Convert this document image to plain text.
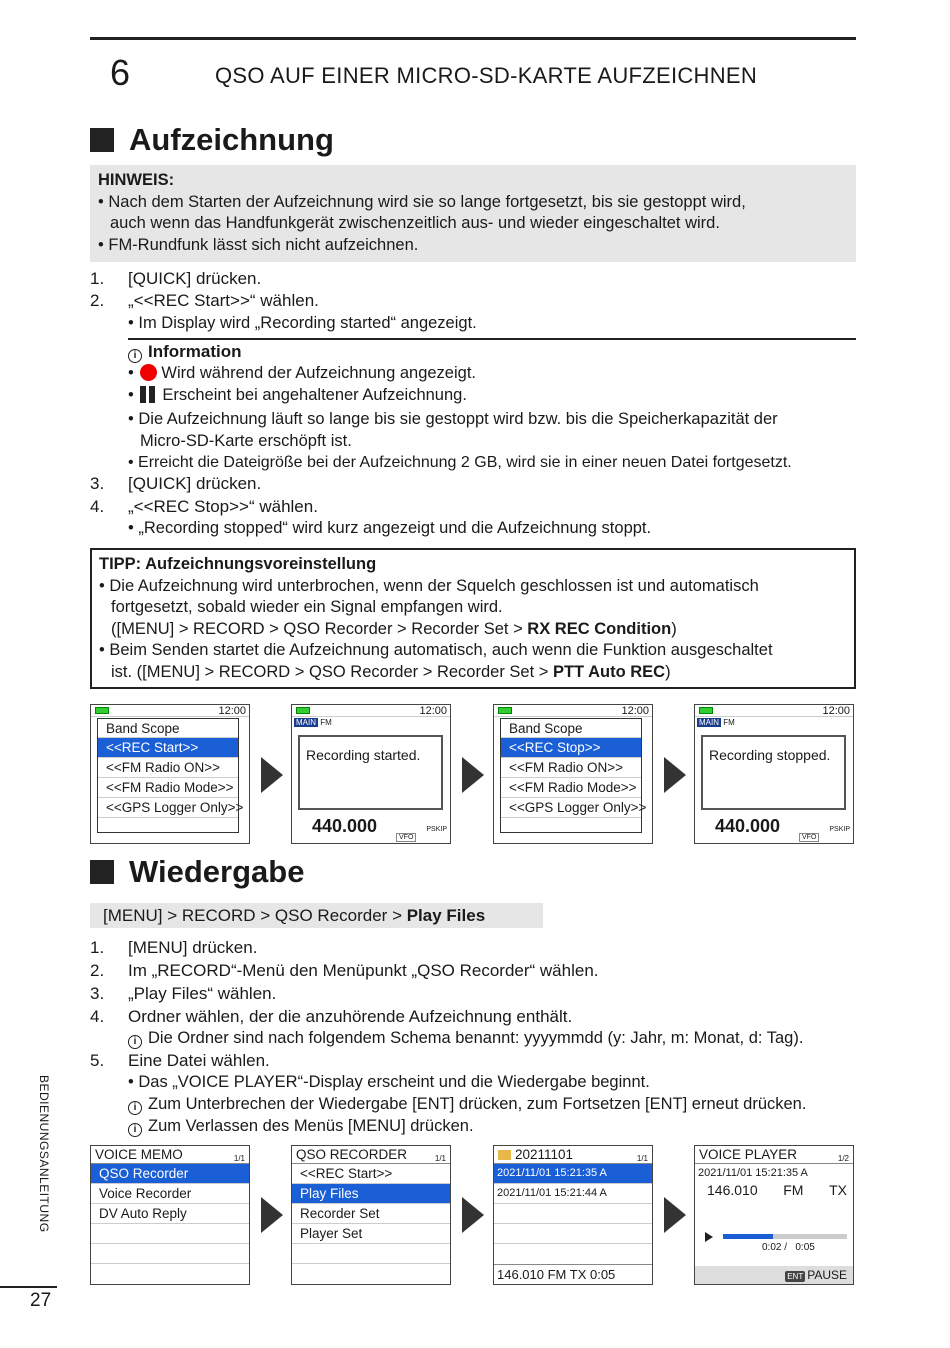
6	QSO AUF EINER MICRO-SD-KARTE AUFZEICHNEN
Aufzeichnung
HINWEIS:
• Nach dem Starten der Aufzeichnung wird sie so lange fortgesetzt, bis sie gestoppt wird,
auch wenn das Handfunkgerät zwischenzeitlich aus- und wieder eingeschaltet wird.
• FM-Rundfunk lässt sich nicht aufzeichnen.
1. [QUICK] drücken.
2. „<<REC Start>>“ wählen.
• Im Display wird „Recording started“ angezeigt.
i Information
• Wird während der Aufzeichnung angezeigt.
• Erscheint bei angehaltener Aufzeichnung.
• Die Aufzeichnung läuft so lange bis sie gestoppt wird bzw. bis die Speicherkapazität der
Micro-SD-Karte erschöpft ist.
• Erreicht die Dateigröße bei der Aufzeichnung 2 GB, wird sie in einer neuen Datei fortgesetzt.
3. [QUICK] drücken.
4. „<<REC Stop>>“ wählen.
• „Recording stopped“ wird kurz angezeigt und die Aufzeichnung stoppt.
TIPP: Aufzeichnungsvoreinstellung
• Die Aufzeichnung wird unterbrochen, wenn der Squelch geschlossen ist und automatisch
fortgesetzt, sobald wieder ein Signal empfangen wird.
([MENU] > RECORD > QSO Recorder > Recorder Set > RX REC Condition)
• Beim Senden startet die Aufzeichnung automatisch, auch wenn die Funktion ausgeschaltet
ist. ([MENU] > RECORD > QSO Recorder > Recorder Set > PTT Auto REC)
12:00
Band Scope
<<REC Start>>
<<FM Radio ON>>
<<FM Radio Mode>>
<<GPS Logger Only>>
12:00
MAIN FM
Recording started.
440.000	PSKIP
VFO
12:00
Band Scope
<<REC Stop>>
<<FM Radio ON>>
<<FM Radio Mode>>
<<GPS Logger Only>>
12:00
MAIN FM
Recording stopped.
440.000	PSKIP
VFO
Wiedergabe
[MENU] > RECORD > QSO Recorder > Play Files
1. [MENU] drücken.
2. Im „RECORD“-Menü den Menüpunkt „QSO Recorder“ wählen.
3. „Play Files“ wählen.
4. Ordner wählen, der die anzuhörende Aufzeichnung enthält.
i Die Ordner sind nach folgendem Schema benannt: yyyymmdd (y: Jahr, m: Monat, d: Tag).
5. Eine Datei wählen.
• Das „VOICE PLAYER“-Display erscheint und die Wiedergabe beginnt.
i Zum Unterbrechen der Wiedergabe [ENT] drücken, zum Fortsetzen [ENT] erneut drücken.
i Zum Verlassen des Menüs [MENU] drücken.
VOICE MEMO	1/1
QSO Recorder
Voice Recorder
DV Auto Reply
QSO RECORDER	1/1
<<REC Start>>
Play Files
Recorder Set
Player Set
20211101	1/1
2021/11/01 15:21:35 A
2021/11/01 15:21:44 A
146.010 FM TX 0:05
VOICE PLAYER	1/2
2021/11/01 15:21:35 A
146.010 FM TX
0:02 /   0:05
ENT PAUSE
BEDIENUNGSANLEITUNG
27
